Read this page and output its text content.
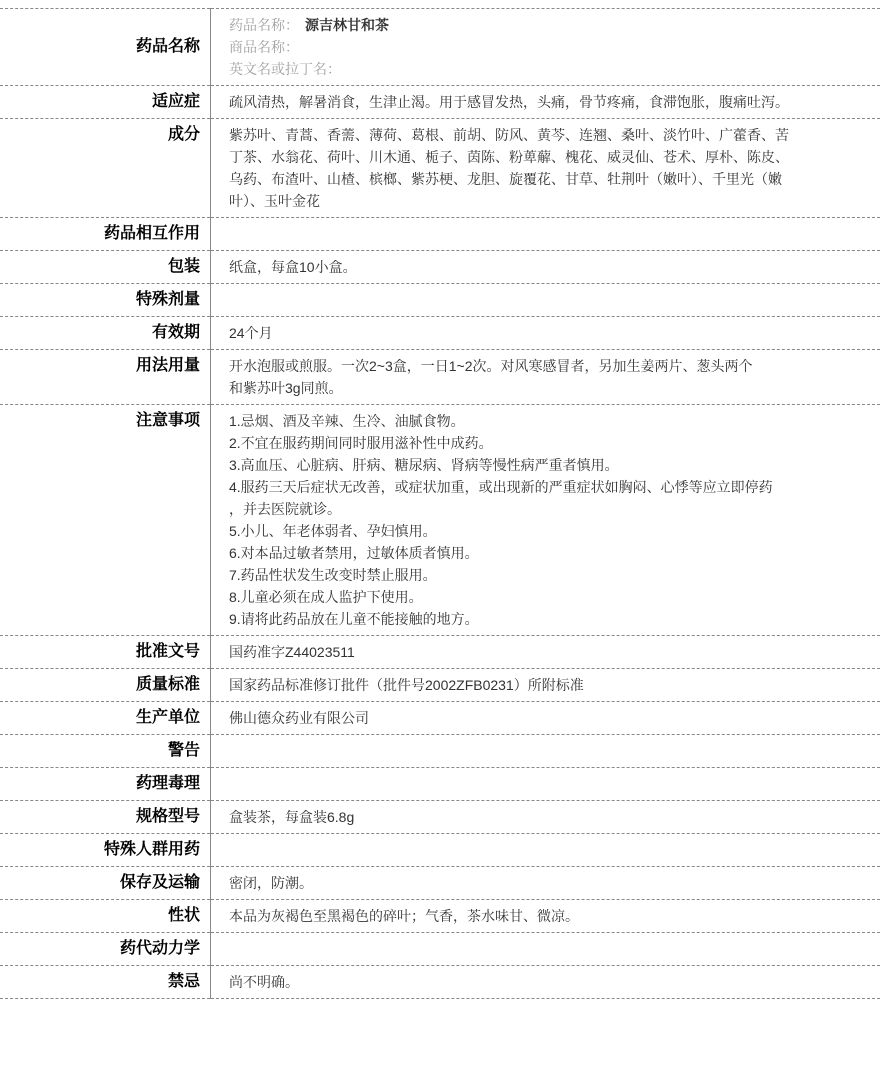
药品名称	药品名称： 源吉林甘和茶
商品名称：
英文名或拉丁名：

适应症	疏风清热，解暑消食，生津止渴。用于感冒发热，头痛，骨节疼痛，食滞饱胀，腹痛吐泻。

成分	紫苏叶、青蒿、香薷、薄荷、葛根、前胡、防风、黄芩、连翘、桑叶、淡竹叶、广藿香、苦
丁茶、水翁花、荷叶、川木通、栀子、茵陈、粉萆薢、槐花、威灵仙、苍术、厚朴、陈皮、
乌药、布渣叶、山楂、槟榔、紫苏梗、龙胆、旋覆花、甘草、牡荆叶（嫩叶）、千里光（嫩
叶）、玉叶金花

药品相互作用	
包装	纸盒，每盒10小盒。

特殊剂量	
有效期	24个月

用法用量	开水泡服或煎服。一次2~3盒，一日1~2次。对风寒感冒者，另加生姜两片、葱头两个
和紫苏叶3g同煎。

注意事项	1.忌烟、酒及辛辣、生冷、油腻食物。
2.不宜在服药期间同时服用滋补性中成药。
3.高血压、心脏病、肝病、糖尿病、肾病等慢性病严重者慎用。
4.服药三天后症状无改善，或症状加重，或出现新的严重症状如胸闷、心悸等应立即停药
，并去医院就诊。
5.小儿、年老体弱者、孕妇慎用。
6.对本品过敏者禁用，过敏体质者慎用。
7.药品性状发生改变时禁止服用。
8.儿童必须在成人监护下使用。
9.请将此药品放在儿童不能接触的地方。

批准文号	国药准字Z44023511

质量标准	国家药品标准修订批件（批件号2002ZFB0231）所附标准

生产单位	佛山德众药业有限公司

警告	
药理毒理	
规格型号	盒装茶，每盒装6.8g

特殊人群用药	
保存及运输	密闭，防潮。

性状	本品为灰褐色至黑褐色的碎叶；气香，茶水味甘、微凉。

药代动力学	
禁忌	尚不明确。
